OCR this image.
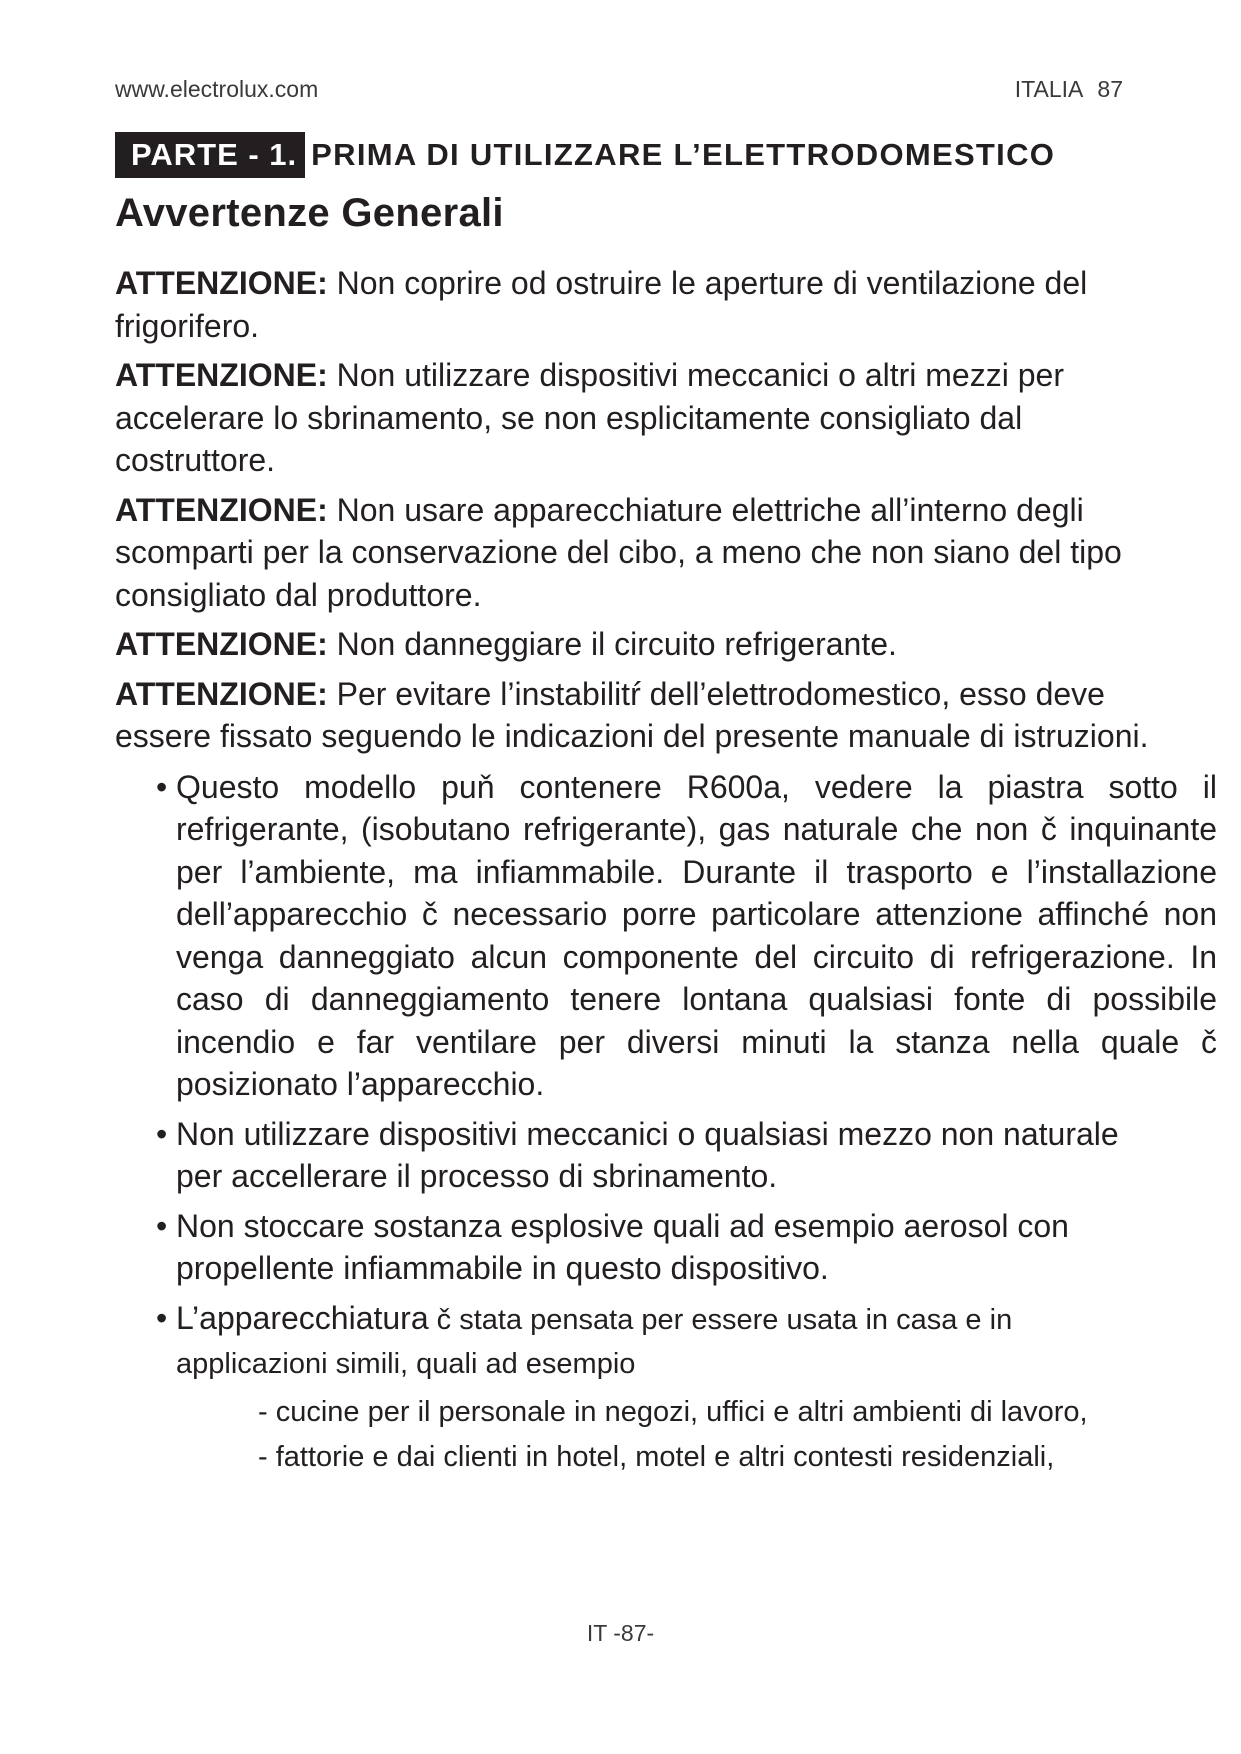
www.electrolux.com	ITALIA 87
PARTE - 1. PRIMA DI UTILIZZARE L’ELETTRODOMESTICO
Avvertenze Generali

ATTENZIONE: Non coprire od ostruire le aperture di ventilazione del frigorifero.

ATTENZIONE: Non utilizzare dispositivi meccanici o altri mezzi per accelerare lo sbrinamento, se non esplicitamente consigliato dal costruttore.

ATTENZIONE: Non usare apparecchiature elettriche all’interno degli scomparti per la conservazione del cibo, a meno che non siano del tipo consigliato dal produttore.

ATTENZIONE: Non danneggiare il circuito refrigerante.

ATTENZIONE: Per evitare l’instabilitŕ dell’elettrodomestico, esso deve essere fissato seguendo le indicazioni del presente manuale di istruzioni.

• Questo modello puň contenere R600a, vedere la piastra sotto il refrigerante, (isobutano refrigerante), gas naturale che non č inquinante per l’ambiente, ma infiammabile. Durante il trasporto e l’installazione dell’apparecchio č necessario porre particolare attenzione affinché non venga danneggiato alcun componente del circuito di refrigerazione. In caso di danneggiamento tenere lontana qualsiasi fonte di possibile incendio e far ventilare per diversi minuti la stanza nella quale č posizionato l’apparecchio.
• Non utilizzare dispositivi meccanici o qualsiasi mezzo non naturale per accellerare il processo di sbrinamento.
• Non stoccare sostanza esplosive quali ad esempio aerosol con propellente infiammabile in questo dispositivo.
• L’apparecchiatura č stata pensata per essere usata in casa e in
applicazioni simili, quali ad esempio
- cucine per il personale in negozi, uffici e altri ambienti di lavoro,
- fattorie e dai clienti in hotel, motel e altri contesti residenziali,
IT -87-
